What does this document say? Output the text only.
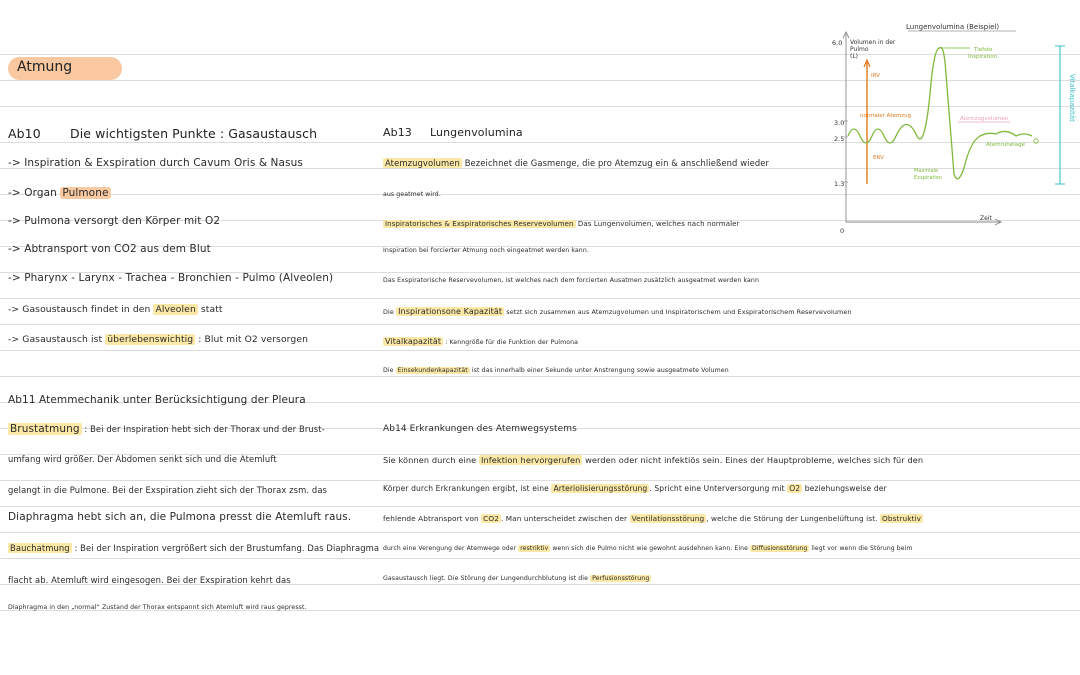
Atmung
Ab10 Die wichtigsten Punkte : Gasaustausch
-> Inspiration & Exspiration durch Cavum Oris & Nasus
-> Organ Pulmone
-> Pulmona versorgt den Körper mit O2
-> Abtransport von CO2 aus dem Blut
-> Pharynx - Larynx - Trachea - Bronchien - Pulmo (Alveolen)
-> Gasoustausch findet in den Alveolen statt
-> Gasaustausch ist überlebenswichtig : Blut mit O2 versorgen
Ab13 Lungenvolumina
Atemzugvolumen Bezeichnet die Gasmenge, die pro Atemzug ein & anschließend wieder
aus geatmet wird.
Inspiratorisches & Exspiratorisches Reservevolumen Das Lungenvolumen, welches nach normaler
Inspiration bei forcierter Atmung noch eingeatmet werden kann.
Das Exspiratorische Reservevolumen, ist welches nach dem forcierten Ausatmen zusätzlich ausgeatmet werden kann
Die Inspirationsone Kapazität setzt sich zusammen aus Atemzugvolumen und Inspiratorischem und Exspiratorischem Reservevolumen
Vitalkapazität : Kenngröße für die Funktion der Pulmona
Die Einsekundenkapazität ist das innerhalb einer Sekunde unter Anstrengung sowie ausgeatmete Volumen
Ab11 Atemmechanik unter Berücksichtigung der Pleura
Brustatmung : Bei der Inspiration hebt sich der Thorax und der Brust-
umfang wird größer. Der Abdomen senkt sich und die Atemluft
gelangt in die Pulmone. Bei der Exspiration zieht sich der Thorax zsm. das
Diaphragma hebt sich an, die Pulmona presst die Atemluft raus.
Bauchatmung : Bei der Inspiration vergrößert sich der Brustumfang. Das Diaphragma
flacht ab. Atemluft wird eingesogen. Bei der Exspiration kehrt das
Diaphragma in den „normal“ Zustand der Thorax entspannt sich Atemluft wird raus gepresst.
Ab14 Erkrankungen des Atemwegsystems
Sie können durch eine Infektion hervorgerufen werden oder nicht infektiös sein. Eines der Hauptprobleme, welches sich für den
Körper durch Erkrankungen ergibt, ist eine Arteriolisierungsstörung . Spricht eine Unterversorgung mit O2 beziehungsweise der
fehlende Abtransport von CO2 . Man unterscheidet zwischen der Ventilationsstörung , welche die Störung der Lungenbelüftung ist. Obstruktiv
durch eine Verengung der Atemwege oder restriktiv wenn sich die Pulmo nicht wie gewohnt ausdehnen kann. Eine Diffusionsstörung liegt vor wenn die Störung beim
Gasaustausch liegt. Die Störung der Lungendurchblutung ist die Perfusionsstörung
Lungenvolumina (Beispiel)
Zeit
Volumen in der
Pulmo
(L)
6.0
3.0
2.5
1.3
0
IRV
normaler Atemzug
ERV
Tiefste
Inspiration
Atemzugvolumen
Atemruhelage
Maximale
Exspiration
Vitalkapazität
